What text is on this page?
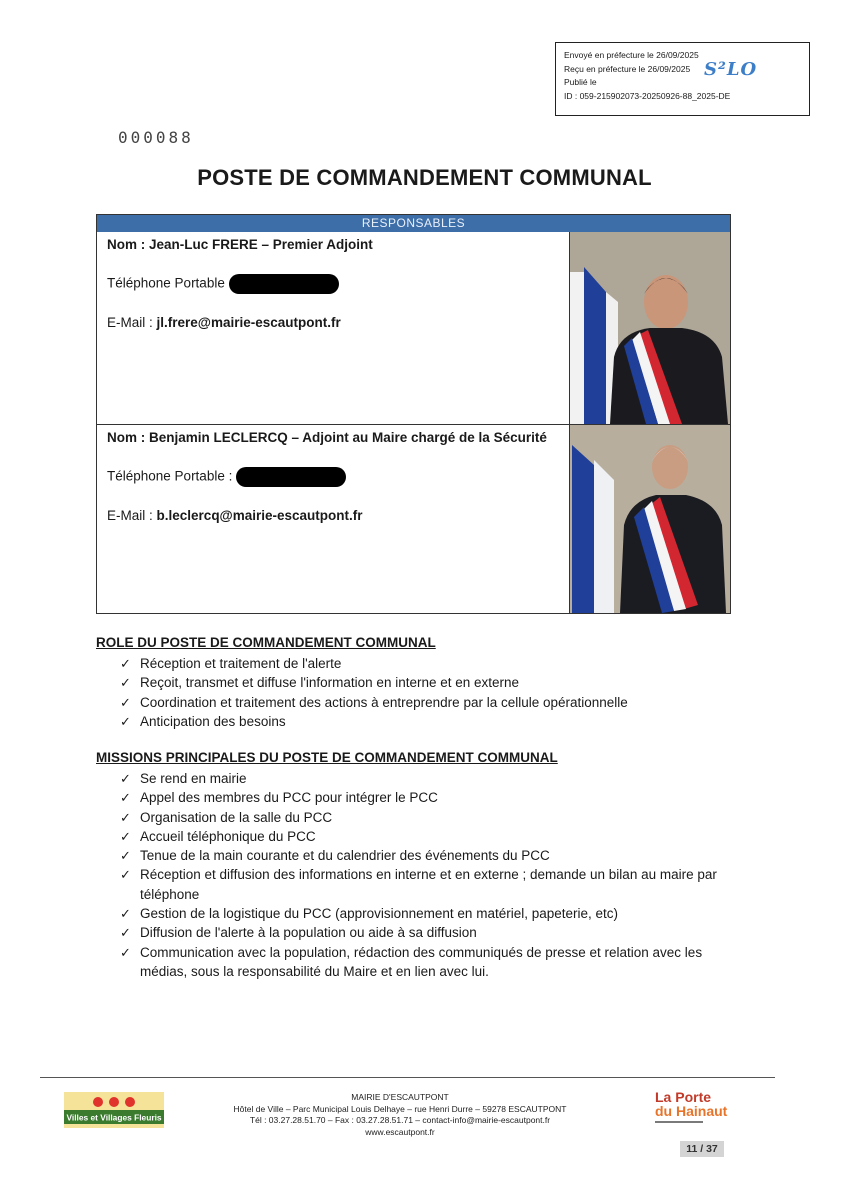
Envoyé en préfecture le 26/09/2025
Reçu en préfecture le 26/09/2025
Publié le
ID : 059-215902073-20250926-88_2025-DE
S²LO
000088
POSTE DE COMMANDEMENT COMMUNAL
RESPONSABLES
Nom : Jean-Luc FRERE – Premier Adjoint
Téléphone Portable
E-Mail : jl.frere@mairie-escautpont.fr
Nom : Benjamin LECLERCQ – Adjoint au Maire chargé de la Sécurité
Téléphone Portable :
E-Mail : b.leclercq@mairie-escautpont.fr
ROLE DU POSTE DE COMMANDEMENT COMMUNAL
✓ Réception et traitement de l'alerte
✓ Reçoit, transmet et diffuse l'information en interne et en externe
✓ Coordination et traitement des actions à entreprendre par la cellule opérationnelle
✓ Anticipation des besoins
MISSIONS PRINCIPALES DU POSTE DE COMMANDEMENT COMMUNAL
✓ Se rend en mairie
✓ Appel des membres du PCC pour intégrer le PCC
✓ Organisation de la salle du PCC
✓ Accueil téléphonique du PCC
✓ Tenue de la main courante et du calendrier des événements du PCC
✓ Réception et diffusion des informations en interne et en externe ; demande un bilan au maire par téléphone
✓ Gestion de la logistique du PCC (approvisionnement en matériel, papeterie, etc)
✓ Diffusion de l'alerte à la population ou aide à sa diffusion
✓ Communication avec la population, rédaction des communiqués de presse et relation avec les médias, sous la responsabilité du Maire et en lien avec lui.
Villes et Villages Fleuris
MAIRIE D'ESCAUTPONT
Hôtel de Ville – Parc Municipal Louis Delhaye – rue Henri Durre – 59278 ESCAUTPONT
Tél : 03.27.28.51.70 – Fax : 03.27.28.51.71 – contact-info@mairie-escautpont.fr
www.escautpont.fr
La Porte
du Hainaut
11 / 37
